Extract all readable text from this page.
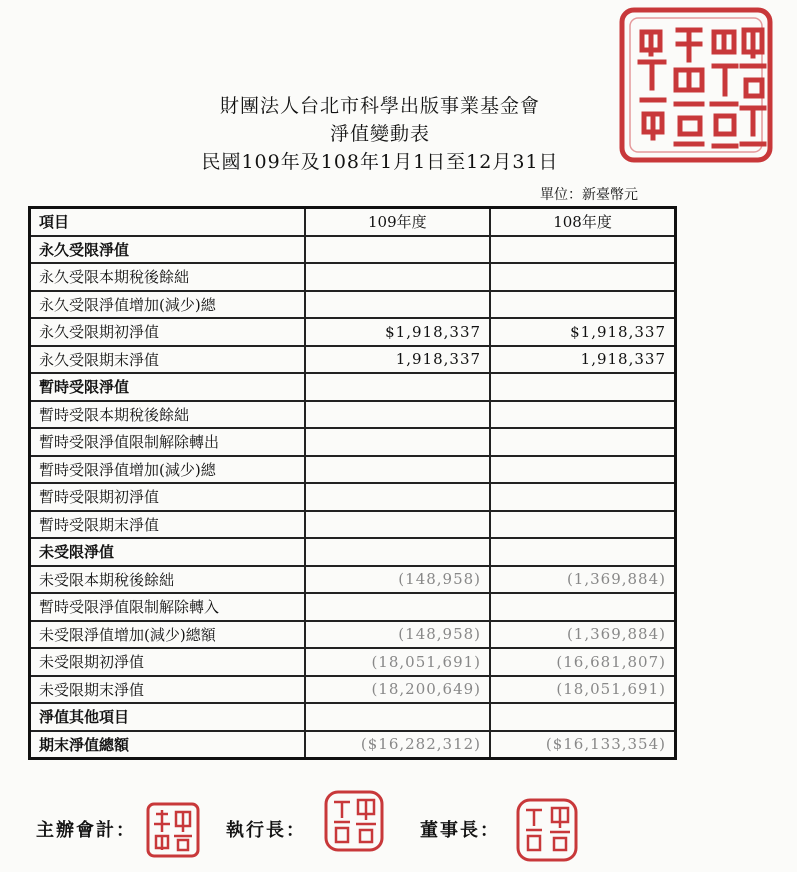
財團法人台北市科學出版事業基金會
淨值變動表
民國109年及108年1月1日至12月31日
單位：新臺幣元
項目	109年度	108年度
永久受限淨值		
永久受限本期稅後餘絀		
永久受限淨值增加(減少)總		
永久受限期初淨值	$1,918,337	$1,918,337
永久受限期末淨值	1,918,337	1,918,337
暫時受限淨值		
暫時受限本期稅後餘絀		
暫時受限淨值限制解除轉出		
暫時受限淨值增加(減少)總		
暫時受限期初淨值		
暫時受限期末淨值		
未受限淨值		
未受限本期稅後餘絀	(148,958)	(1,369,884)
暫時受限淨值限制解除轉入		
未受限淨值增加(減少)總額	(148,958)	(1,369,884)
未受限期初淨值	(18,051,691)	(16,681,807)
未受限期末淨值	(18,200,649)	(18,051,691)
淨值其他項目		
期末淨值總額	($16,282,312)	($16,133,354)
主辦會計：	執行長：	董事長：
